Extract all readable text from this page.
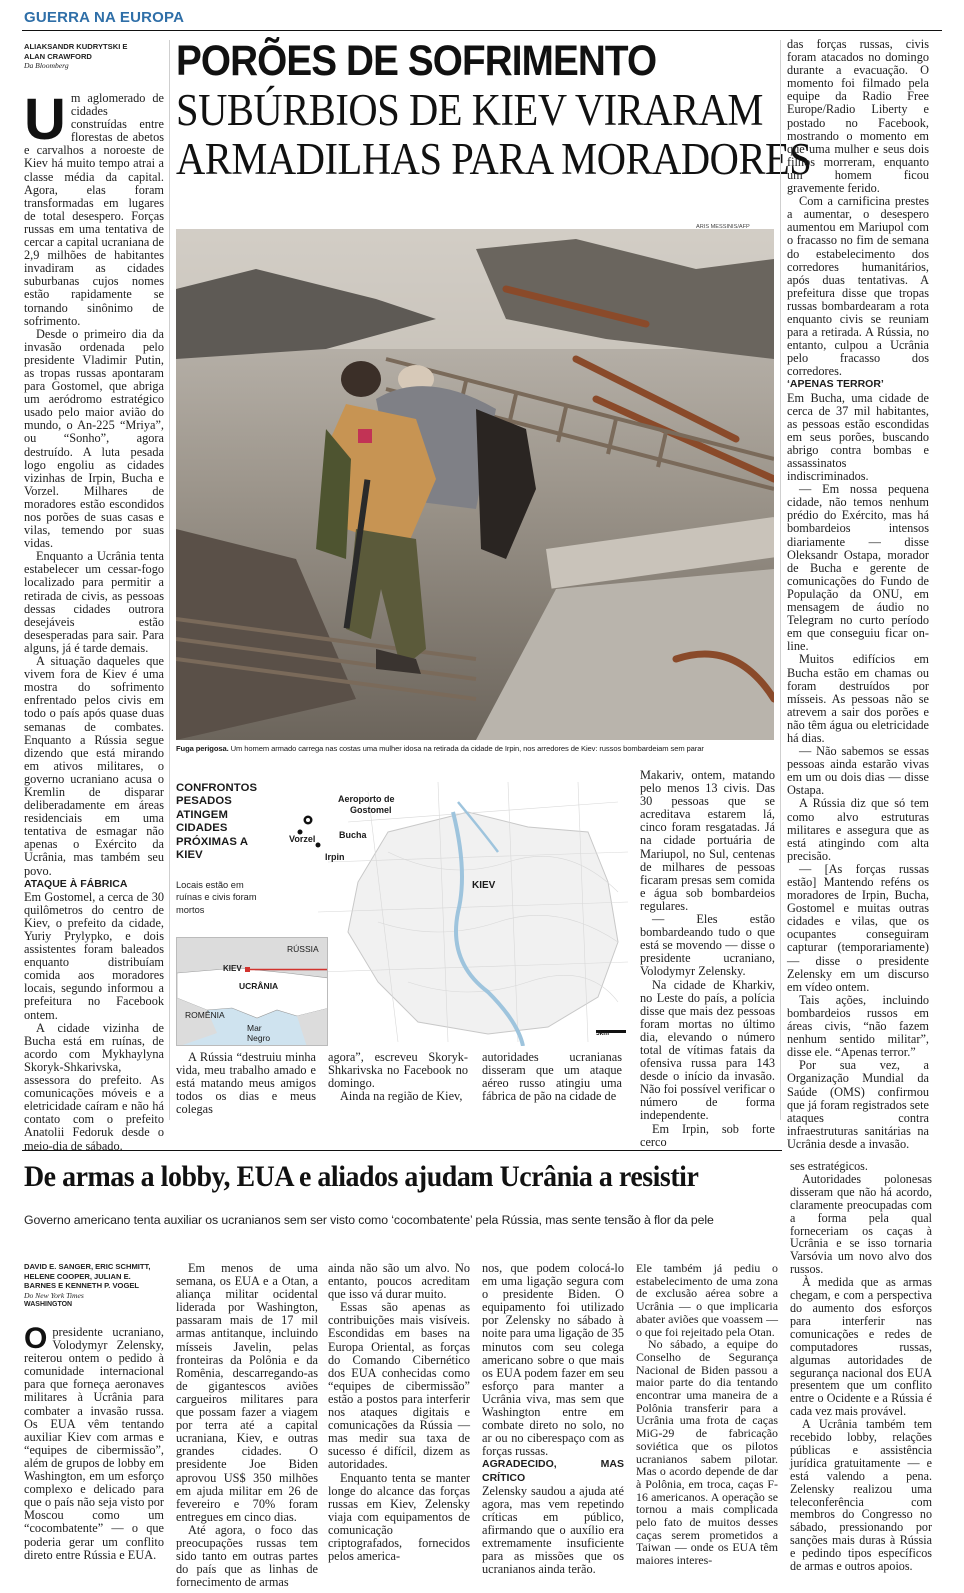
GUERRA NA EUROPA
ALIAKSANDR KUDRYTSKI E
ALAN CRAWFORD
Da Bloomberg	PORÕES DE SOFRIMENTO
SUBÚRBIOS DE KIEV VIRARAM
ARMADILHAS PARA MORADORES

Um aglomerado de cidades construídas entre florestas de abetos e carvalhos a noroeste de Kiev há muito tempo atrai a classe média da capital. Agora, elas foram transformadas em lugares de total desespero. Forças russas em uma tentativa de cercar a capital ucraniana de 2,9 milhões de habitantes invadiram as cidades suburbanas cujos nomes estão rapidamente se tornando sinônimo de sofrimento.

Desde o primeiro dia da invasão ordenada pelo presidente Vladimir Putin, as tropas russas apontaram para Gostomel, que abriga um aeródromo estratégico usado pelo maior avião do mundo, o An-225 “Mriya”, ou “Sonho”, agora destruído. A luta pesada logo engoliu as cidades vizinhas de Irpin, Bucha e Vorzel. Milhares de moradores estão escondidos nos porões de suas casas e vilas, temendo por suas vidas.

Enquanto a Ucrânia tenta estabelecer um cessar-fogo localizado para permitir a retirada de civis, as pessoas dessas cidades outrora desejáveis estão desesperadas para sair. Para alguns, já é tarde demais.

A situação daqueles que vivem fora de Kiev é uma mostra do sofrimento enfrentado pelos civis em todo o país após quase duas semanas de combates. Enquanto a Rússia segue dizendo que está mirando em ativos militares, o governo ucraniano acusa o Kremlin de disparar deliberadamente em áreas residenciais em uma tentativa de esmagar não apenas o Exército da Ucrânia, mas também seu povo.

ATAQUE À FÁBRICA

Em Gostomel, a cerca de 30 quilômetros do centro de Kiev, o prefeito da cidade, Yuriy Prylypko, e dois assistentes foram baleados enquanto distribuíam comida aos moradores locais, segundo informou a prefeitura no Facebook ontem.

A cidade vizinha de Bucha está em ruínas, de acordo com Mykhaylyna Skoryk-Shkarivska, assessora do prefeito. As comunicações móveis e a eletricidade caíram e não há contato com o prefeito Anatolii Fedoruk desde o meio-dia de sábado.

ARIS MESSINIS/AFP
Fuga perigosa. Um homem armado carrega nas costas uma mulher idosa na retirada da cidade de Irpin, nos arredores de Kiev: russos bombardeiam sem parar
CONFRONTOS PESADOS ATINGEM CIDADES PRÓXIMAS A KIEV
Locais estão em ruínas e civis foram mortos
Aeroporto de
Gostomel
Bucha
Vorzel
Irpin
KIEV
5km
RÚSSIA
KIEV
UCRÂNIA
ROMÊNIA
Mar
Negro

A Rússia “destruiu minha vida, meu trabalho amado e está matando meus amigos todos os dias e meus colegas

agora”, escreveu Skoryk-Shkarivska no Facebook no domingo.

Ainda na região de Kiev,

autoridades ucranianas disseram que um ataque aéreo russo atingiu uma fábrica de pão na cidade de

Makariv, ontem, matando pelo menos 13 civis. Das 30 pessoas que se acreditava estarem lá, cinco foram resgatadas. Já na cidade portuária de Mariupol, no Sul, centenas de milhares de pessoas ficaram presas sem comida e água sob bombardeios regulares.

— Eles estão bombardeando tudo o que está se movendo — disse o presidente ucraniano, Volodymyr Zelensky.

Na cidade de Kharkiv, no Leste do país, a polícia disse que mais dez pessoas foram mortas no último dia, elevando o número total de vítimas fatais da ofensiva russa para 143 desde o início da invasão. Não foi possível verificar o número de forma independente.

Em Irpin, sob forte cerco

das forças russas, civis foram atacados no domingo durante a evacuação. O momento foi filmado pela equipe da Radio Free Europe/Radio Liberty e postado no Facebook, mostrando o momento em que uma mulher e seus dois filhos morreram, enquanto um homem ficou gravemente ferido.

Com a carnificina prestes a aumentar, o desespero aumentou em Mariupol com o fracasso no fim de semana do estabelecimento dos corredores humanitários, após duas tentativas. A prefeitura disse que tropas russas bombardearam a rota enquanto civis se reuniam para a retirada. A Rússia, no entanto, culpou a Ucrânia pelo fracasso dos corredores.

‘APENAS TERROR’

Em Bucha, uma cidade de cerca de 37 mil habitantes, as pessoas estão escondidas em seus porões, buscando abrigo contra bombas e assassinatos indiscriminados.

— Em nossa pequena cidade, não temos nenhum prédio do Exército, mas há bombardeios intensos diariamente — disse Oleksandr Ostapa, morador de Bucha e gerente de comunicações do Fundo de População da ONU, em mensagem de áudio no Telegram no curto período em que conseguiu ficar on-line.

Muitos edifícios em Bucha estão em chamas ou foram destruídos por mísseis. As pessoas não se atrevem a sair dos porões e não têm água ou eletricidade há dias.

— Não sabemos se essas pessoas ainda estarão vivas em um ou dois dias — disse Ostapa.

A Rússia diz que só tem como alvo estruturas militares e assegura que as está atingindo com alta precisão.

— [As forças russas estão] Mantendo reféns os moradores de Irpin, Bucha, Gostomel e muitas outras cidades e vilas, que os ocupantes conseguiram capturar (temporariamente) — disse o presidente Zelensky em um discurso em vídeo ontem.

Tais ações, incluindo bombardeios russos em áreas civis, “não fazem nenhum sentido militar”, disse ele. “Apenas terror.”

Por sua vez, a Organização Mundial da Saúde (OMS) confirmou que já foram registrados sete ataques contra infraestruturas sanitárias na Ucrânia desde a invasão.

De armas a lobby, EUA e aliados ajudam Ucrânia a resistir
Governo americano tenta auxiliar os ucranianos sem ser visto como ‘cocombatente’ pela Rússia, mas sente tensão à flor da pele
DAVID E. SANGER, ERIC SCHMITT,
HELENE COOPER, JULIAN E.
BARNES E KENNETH P. VOGEL
Do New York Times
WASHINGTON

Opresidente ucraniano, Volodymyr Zelensky, reiterou ontem o pedido à comunidade internacional para que forneça aeronaves militares à Ucrânia para combater a invasão russa. Os EUA vêm tentando auxiliar Kiev com armas e “equipes de cibermissão”, além de grupos de lobby em Washington, em um esforço complexo e delicado para que o país não seja visto por Moscou como um “cocombatente” — o que poderia gerar um conflito direto entre Rússia e EUA.

Em menos de uma semana, os EUA e a Otan, a aliança militar ocidental liderada por Washington, passaram mais de 17 mil armas antitanque, incluindo mísseis Javelin, pelas fronteiras da Polônia e da Romênia, descarregando-as de gigantescos aviões cargueiros militares para que possam fazer a viagem por terra até a capital ucraniana, Kiev, e outras grandes cidades. O presidente Joe Biden aprovou US$ 350 milhões em ajuda militar em 26 de fevereiro e 70% foram entregues em cinco dias.

Até agora, o foco das preocupações russas tem sido tanto em outras partes do país que as linhas de fornecimento de armas

ainda não são um alvo. No entanto, poucos acreditam que isso vá durar muito.

Essas são apenas as contribuições mais visíveis. Escondidas em bases na Europa Oriental, as forças do Comando Cibernético dos EUA conhecidas como “equipes de cibermissão” estão a postos para interferir nos ataques digitais e comunicações da Rússia — mas medir sua taxa de sucesso é difícil, dizem as autoridades.

Enquanto tenta se manter longe do alcance das forças russas em Kiev, Zelensky viaja com equipamentos de comunicação criptografados, fornecidos pelos america-

nos, que podem colocá-lo em uma ligação segura com o presidente Biden. O equipamento foi utilizado por Zelensky no sábado à noite para uma ligação de 35 minutos com seu colega americano sobre o que mais os EUA podem fazer em seu esforço para manter a Ucrânia viva, mas sem que Washington entre em combate direto no solo, no ar ou no ciberespaço com as forças russas.

AGRADECIDO, MAS CRÍTICO

Zelensky saudou a ajuda até agora, mas vem repetindo críticas em público, afirmando que o auxílio era extremamente insuficiente para as missões que os ucranianos ainda terão.

Ele também já pediu o estabelecimento de uma zona de exclusão aérea sobre a Ucrânia — o que implicaria abater aviões que voassem — o que foi rejeitado pela Otan.

No sábado, a equipe do Conselho de Segurança Nacional de Biden passou a maior parte do dia tentando encontrar uma maneira de a Polônia transferir para a Ucrânia uma frota de caças MiG-29 de fabricação soviética que os pilotos ucranianos sabem pilotar. Mas o acordo depende de dar à Polônia, em troca, caças F-16 americanos. A operação se tornou a mais complicada pelo fato de muitos desses caças serem prometidos a Taiwan — onde os EUA têm maiores interes-

ses estratégicos.

Autoridades polonesas disseram que não há acordo, claramente preocupadas com a forma pela qual forneceriam os caças à Ucrânia e se isso tornaria Varsóvia um novo alvo dos russos.

À medida que as armas chegam, e com a perspectiva do aumento dos esforços para interferir nas comunicações e redes de computadores russas, algumas autoridades de segurança nacional dos EUA presentem que um conflito entre o Ocidente e a Rússia é cada vez mais provável.

A Ucrânia também tem recebido lobby, relações públicas e assistência jurídica gratuitamente — e está valendo a pena. Zelensky realizou uma teleconferência com membros do Congresso no sábado, pressionando por sanções mais duras à Rússia e pedindo tipos específicos de armas e outros apoios.
